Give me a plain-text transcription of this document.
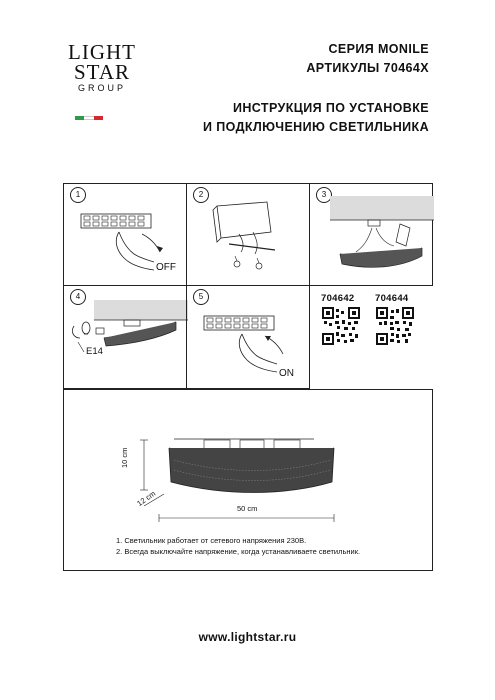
LIGHT
STAR
GROUP
СЕРИЯ MONILE
АРТИКУЛЫ 70464X
ИНСТРУКЦИЯ ПО УСТАНОВКЕ
И ПОДКЛЮЧЕНИЮ СВЕТИЛЬНИКА
1
OFF
2	3
4
E14
5
ON
704642 704644
10 cm
12 cm
50 cm
1. Светильник работает от сетевого напряжения 230В.
2. Всегда выключайте напряжение, когда устанавливаете светильник.
www.lightstar.ru
